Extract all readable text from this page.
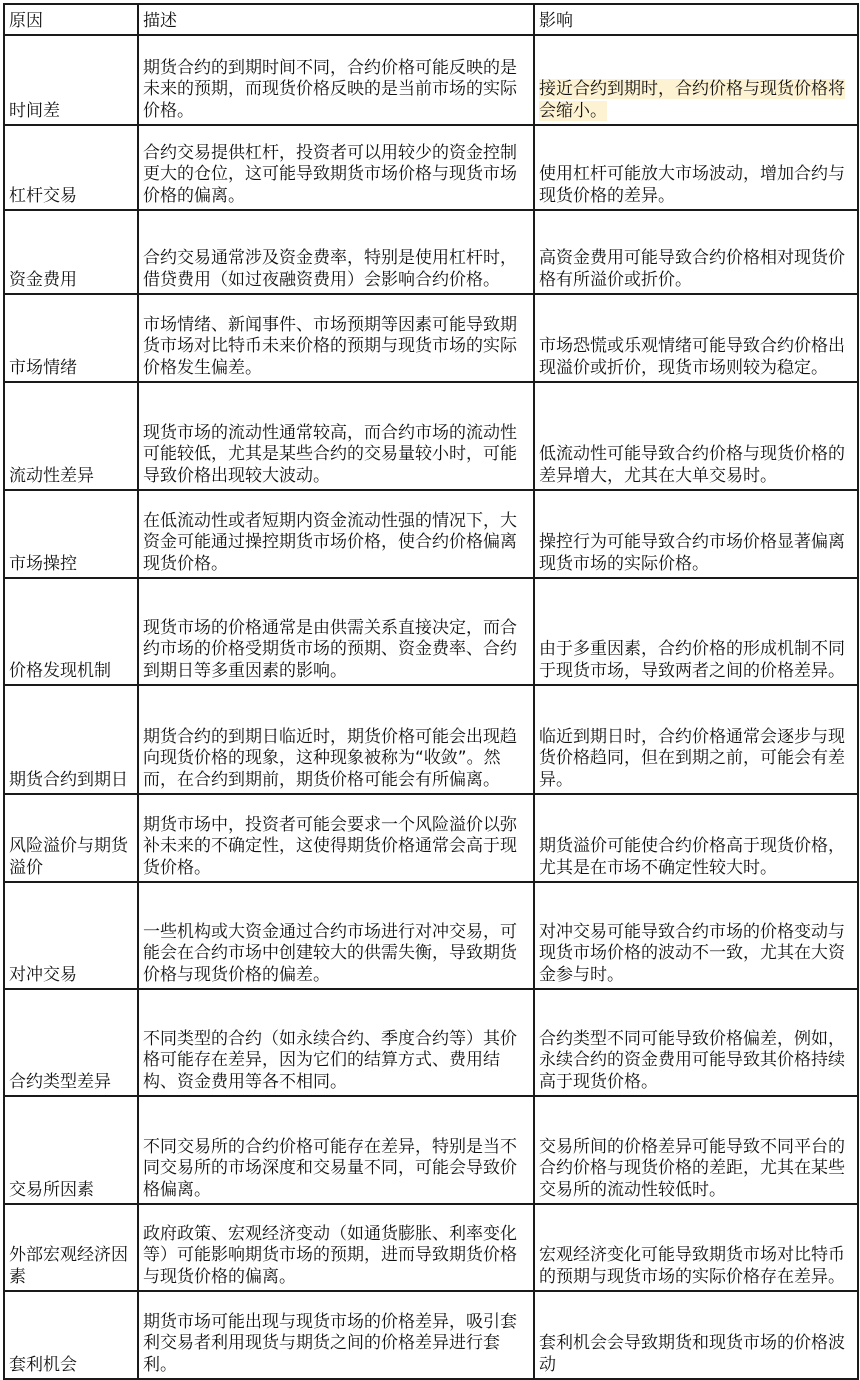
原因	描述	影响
时间差	期货合约的到期时间不同，合约价格可能反映的是未来的预期，而现货价格反映的是当前市场的实际价格。	接近合约到期时，合约价格与现货价格将会缩小。
杠杆交易	合约交易提供杠杆，投资者可以用较少的资金控制更大的仓位，这可能导致期货市场价格与现货市场价格的偏离。	使用杠杆可能放大市场波动，增加合约与现货价格的差异。
资金费用	合约交易通常涉及资金费率，特别是使用杠杆时，借贷费用（如过夜融资费用）会影响合约价格。	高资金费用可能导致合约价格相对现货价格有所溢价或折价。
市场情绪	市场情绪、新闻事件、市场预期等因素可能导致期货市场对比特币未来价格的预期与现货市场的实际价格发生偏差。	市场恐慌或乐观情绪可能导致合约价格出现溢价或折价，现货市场则较为稳定。
流动性差异	现货市场的流动性通常较高，而合约市场的流动性可能较低，尤其是某些合约的交易量较小时，可能导致价格出现较大波动。	低流动性可能导致合约价格与现货价格的差异增大，尤其在大单交易时。
市场操控	在低流动性或者短期内资金流动性强的情况下，大资金可能通过操控期货市场价格，使合约价格偏离现货价格。	操控行为可能导致合约市场价格显著偏离现货市场的实际价格。
价格发现机制	现货市场的价格通常是由供需关系直接决定，而合约市场的价格受期货市场的预期、资金费率、合约到期日等多重因素的影响。	由于多重因素，合约价格的形成机制不同于现货市场，导致两者之间的价格差异。
期货合约到期日	期货合约的到期日临近时，期货价格可能会出现趋向现货价格的现象，这种现象被称为“收敛”。然而，在合约到期前，期货价格可能会有所偏离。	临近到期日时，合约价格通常会逐步与现货价格趋同，但在到期之前，可能会有差异。
风险溢价与期货溢价	期货市场中，投资者可能会要求一个风险溢价以弥补未来的不确定性，这使得期货价格通常会高于现货价格。	期货溢价可能使合约价格高于现货价格，尤其是在市场不确定性较大时。
对冲交易	一些机构或大资金通过合约市场进行对冲交易，可能会在合约市场中创建较大的供需失衡，导致期货价格与现货价格的偏差。	对冲交易可能导致合约市场的价格变动与现货市场价格的波动不一致，尤其在大资金参与时。
合约类型差异	不同类型的合约（如永续合约、季度合约等）其价格可能存在差异，因为它们的结算方式、费用结构、资金费用等各不相同。	合约类型不同可能导致价格偏差，例如，永续合约的资金费用可能导致其价格持续高于现货价格。
交易所因素	不同交易所的合约价格可能存在差异，特别是当不同交易所的市场深度和交易量不同，可能会导致价格偏离。	交易所间的价格差异可能导致不同平台的合约价格与现货价格的差距，尤其在某些交易所的流动性较低时。
外部宏观经济因素	政府政策、宏观经济变动（如通货膨胀、利率变化等）可能影响期货市场的预期，进而导致期货价格与现货价格的偏离。	宏观经济变化可能导致期货市场对比特币的预期与现货市场的实际价格存在差异。
套利机会	期货市场可能出现与现货市场的价格差异，吸引套利交易者利用现货与期货之间的价格差异进行套利。	套利机会会导致期货和现货市场的价格波动
